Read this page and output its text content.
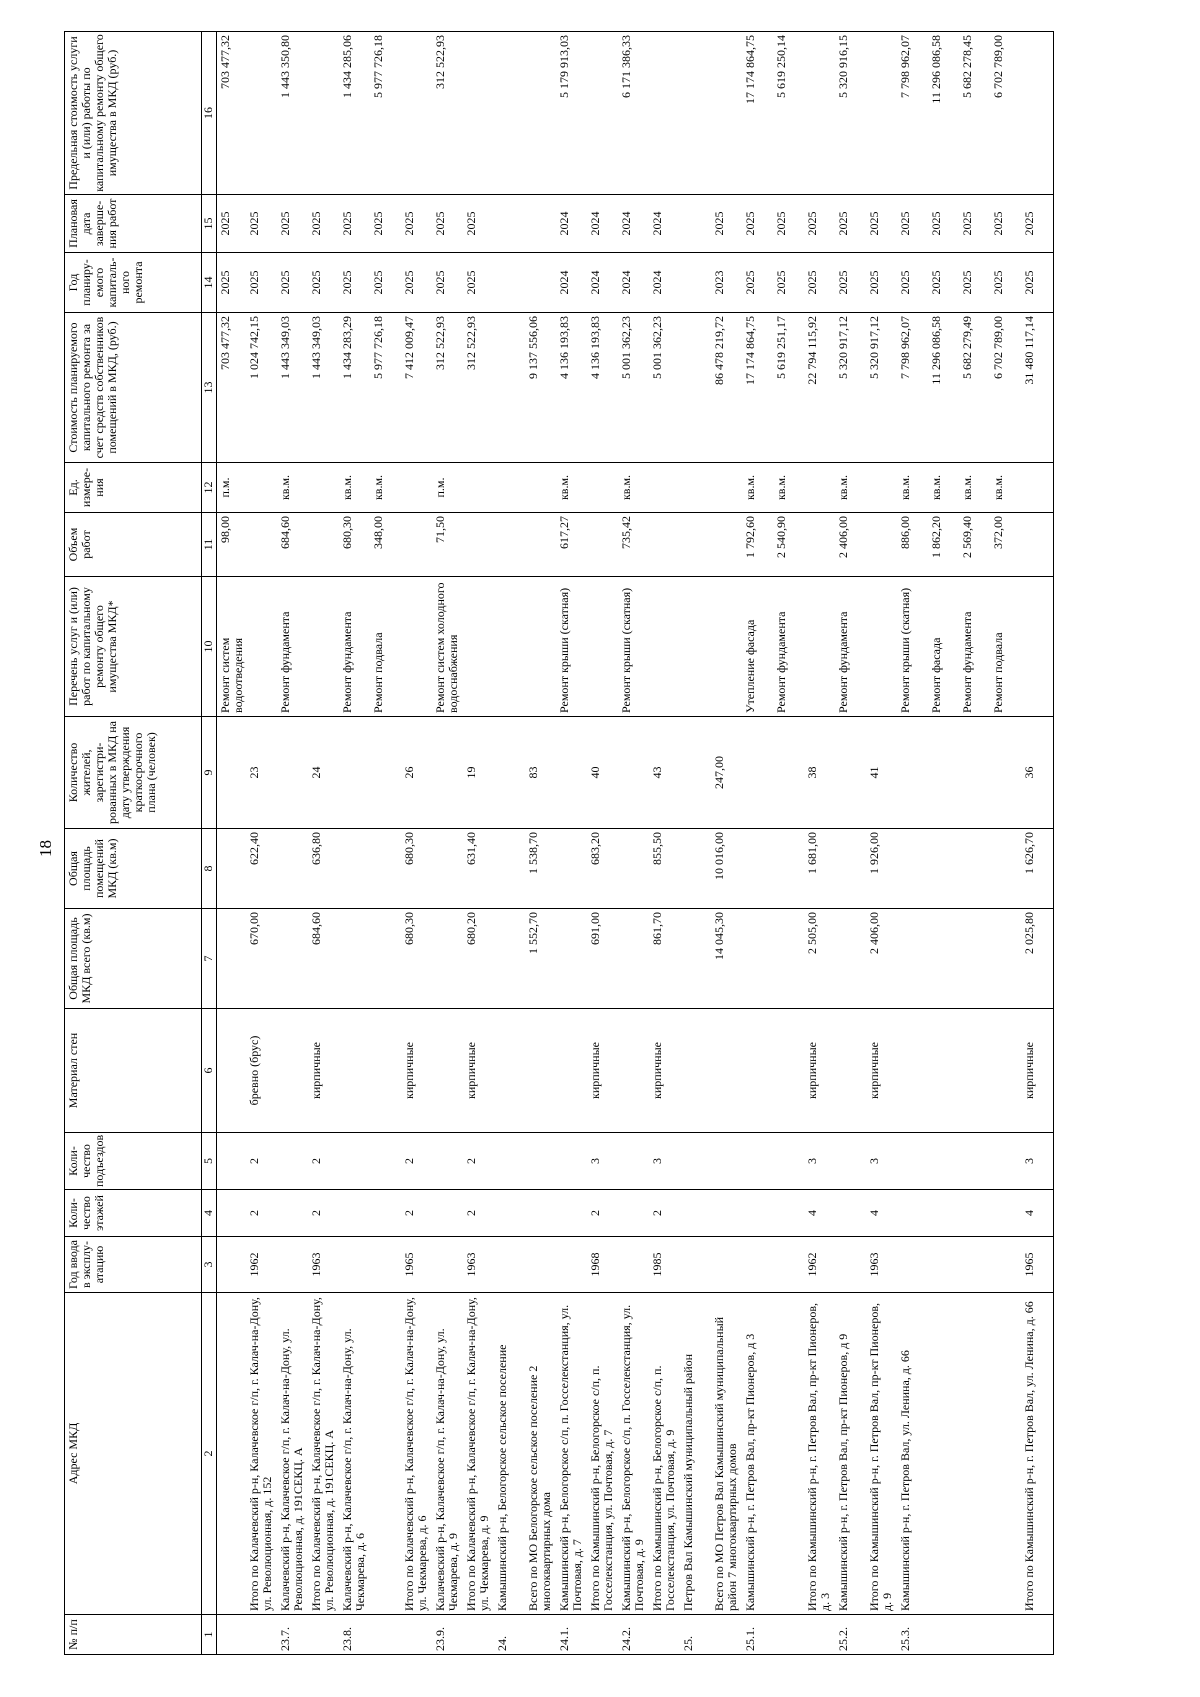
18
№ п/п	Адрес МКД	Год ввода в эксплу-атацию	Коли-чество этажей	Коли-чество подъездов	Материал стен	Общая площадь МКД всего (кв.м)	Общая площадь помещений МКД (кв.м)	Количество жителей, зарегистри-рованных в МКД на дату утверждения краткосрочного плана (человек)	Перечень услуг и (или) работ по капитальному ремонту общего имущества МКД*	Объем работ	Ед. измере-ния	Стоимость планируемого капитального ремонта за счет средств собственников помещений в МКД, (руб.)	Год планиру-емого капиталь-ного ремонта	Плановая дата заверше-ния работ	Предельная стоимость услуги и (или) работы по капитальному ремонту общего имущества в МКД (руб.)
1	2	3	4	5	6	7	8	9	10	11	12	13	14	15	16
									Ремонт систем водоотведения	98,00	п.м.	703 477,32	2025	2025	703 477,32
	Итого по Калачевский р-н, Калачевское г/п, г. Калач-на-Дону, ул. Революционная, д. 152	1962	2	2	бревно (брус)	670,00	622,40	23				1 024 742,15	2025	2025	
23.7.	Калачевский р-н, Калачевское г/п, г. Калач-на-Дону, ул. Революционная, д. 191СЕКЦ. А								Ремонт фундамента	684,60	кв.м.	1 443 349,03	2025	2025	1 443 350,80
	Итого по Калачевский р-н, Калачевское г/п, г. Калач-на-Дону, ул. Революционная, д. 191СЕКЦ. А	1963	2	2	кирпичные	684,60	636,80	24				1 443 349,03	2025	2025	
23.8.	Калачевский р-н, Калачевское г/п, г. Калач-на-Дону, ул. Чекмарева, д. 6								Ремонт фундамента	680,30	кв.м.	1 434 283,29	2025	2025	1 434 285,06
									Ремонт подвала	348,00	кв.м.	5 977 726,18	2025	2025	5 977 726,18
	Итого по Калачевский р-н, Калачевское г/п, г. Калач-на-Дону, ул. Чекмарева, д. 6	1965	2	2	кирпичные	680,30	680,30	26				7 412 009,47	2025	2025	
23.9.	Калачевский р-н, Калачевское г/п, г. Калач-на-Дону, ул. Чекмарева, д. 9								Ремонт систем холодного водоснабжения	71,50	п.м.	312 522,93	2025	2025	312 522,93
	Итого по Калачевский р-н, Калачевское г/п, г. Калач-на-Дону, ул. Чекмарева, д. 9	1963	2	2	кирпичные	680,20	631,40	19				312 522,93	2025	2025	
24.	Камышинский р-н, Белогорское сельское поселение														
	Всего по МО Белогорское сельское поселение 2 многоквартирных дома					1 552,70	1 538,70	83				9 137 556,06			
24.1.	Камышинский р-н, Белогорское с/п, п. Госселекстанция, ул. Почтовая, д. 7								Ремонт крыши (скатная)	617,27	кв.м.	4 136 193,83	2024	2024	5 179 913,03
	Итого по Камышинский р-н, Белогорское с/п, п. Госселекстанция, ул. Почтовая, д. 7	1968	2	3	кирпичные	691,00	683,20	40				4 136 193,83	2024	2024	
24.2.	Камышинский р-н, Белогорское с/п, п. Госселекстанция, ул. Почтовая, д. 9								Ремонт крыши (скатная)	735,42	кв.м.	5 001 362,23	2024	2024	6 171 386,33
	Итого по Камышинский р-н, Белогорское с/п, п. Госселекстанция, ул. Почтовая, д. 9	1985	2	3	кирпичные	861,70	855,50	43				5 001 362,23	2024	2024	
25.	Петров Вал Камышинский муниципальный район														
	Всего по МО Петров Вал Камышинский муниципальный район 7 многоквартирных домов					14 045,30	10 016,00	247,00				86 478 219,72	2023	2025	
25.1.	Камышинский р-н, г. Петров Вал, пр-кт Пионеров, д 3								Утепление фасада	1 792,60	кв.м.	17 174 864,75	2025	2025	17 174 864,75
									Ремонт фундамента	2 540,90	кв.м.	5 619 251,17	2025	2025	5 619 250,14
	Итого по Камышинский р-н, г. Петров Вал, пр-кт Пионеров, д. 3	1962	4	3	кирпичные	2 505,00	1 681,00	38				22 794 115,92	2025	2025	
25.2.	Камышинский р-н, г. Петров Вал, пр-кт Пионеров, д 9								Ремонт фундамента	2 406,00	кв.м.	5 320 917,12	2025	2025	5 320 916,15
	Итого по Камышинский р-н, г. Петров Вал, пр-кт Пионеров, д. 9	1963	4	3	кирпичные	2 406,00	1 926,00	41				5 320 917,12	2025	2025	
25.3.	Камышинский р-н, г. Петров Вал, ул. Ленина, д. 66								Ремонт крыши (скатная)	886,00	кв.м.	7 798 962,07	2025	2025	7 798 962,07
									Ремонт фасада	1 862,20	кв.м.	11 296 086,58	2025	2025	11 296 086,58
									Ремонт фундамента	2 569,40	кв.м.	5 682 279,49	2025	2025	5 682 278,45
									Ремонт подвала	372,00	кв.м.	6 702 789,00	2025	2025	6 702 789,00
	Итого по Камышинский р-н, г. Петров Вал, ул. Ленина, д. 66	1965	4	3	кирпичные	2 025,80	1 626,70	36				31 480 117,14	2025	2025	
